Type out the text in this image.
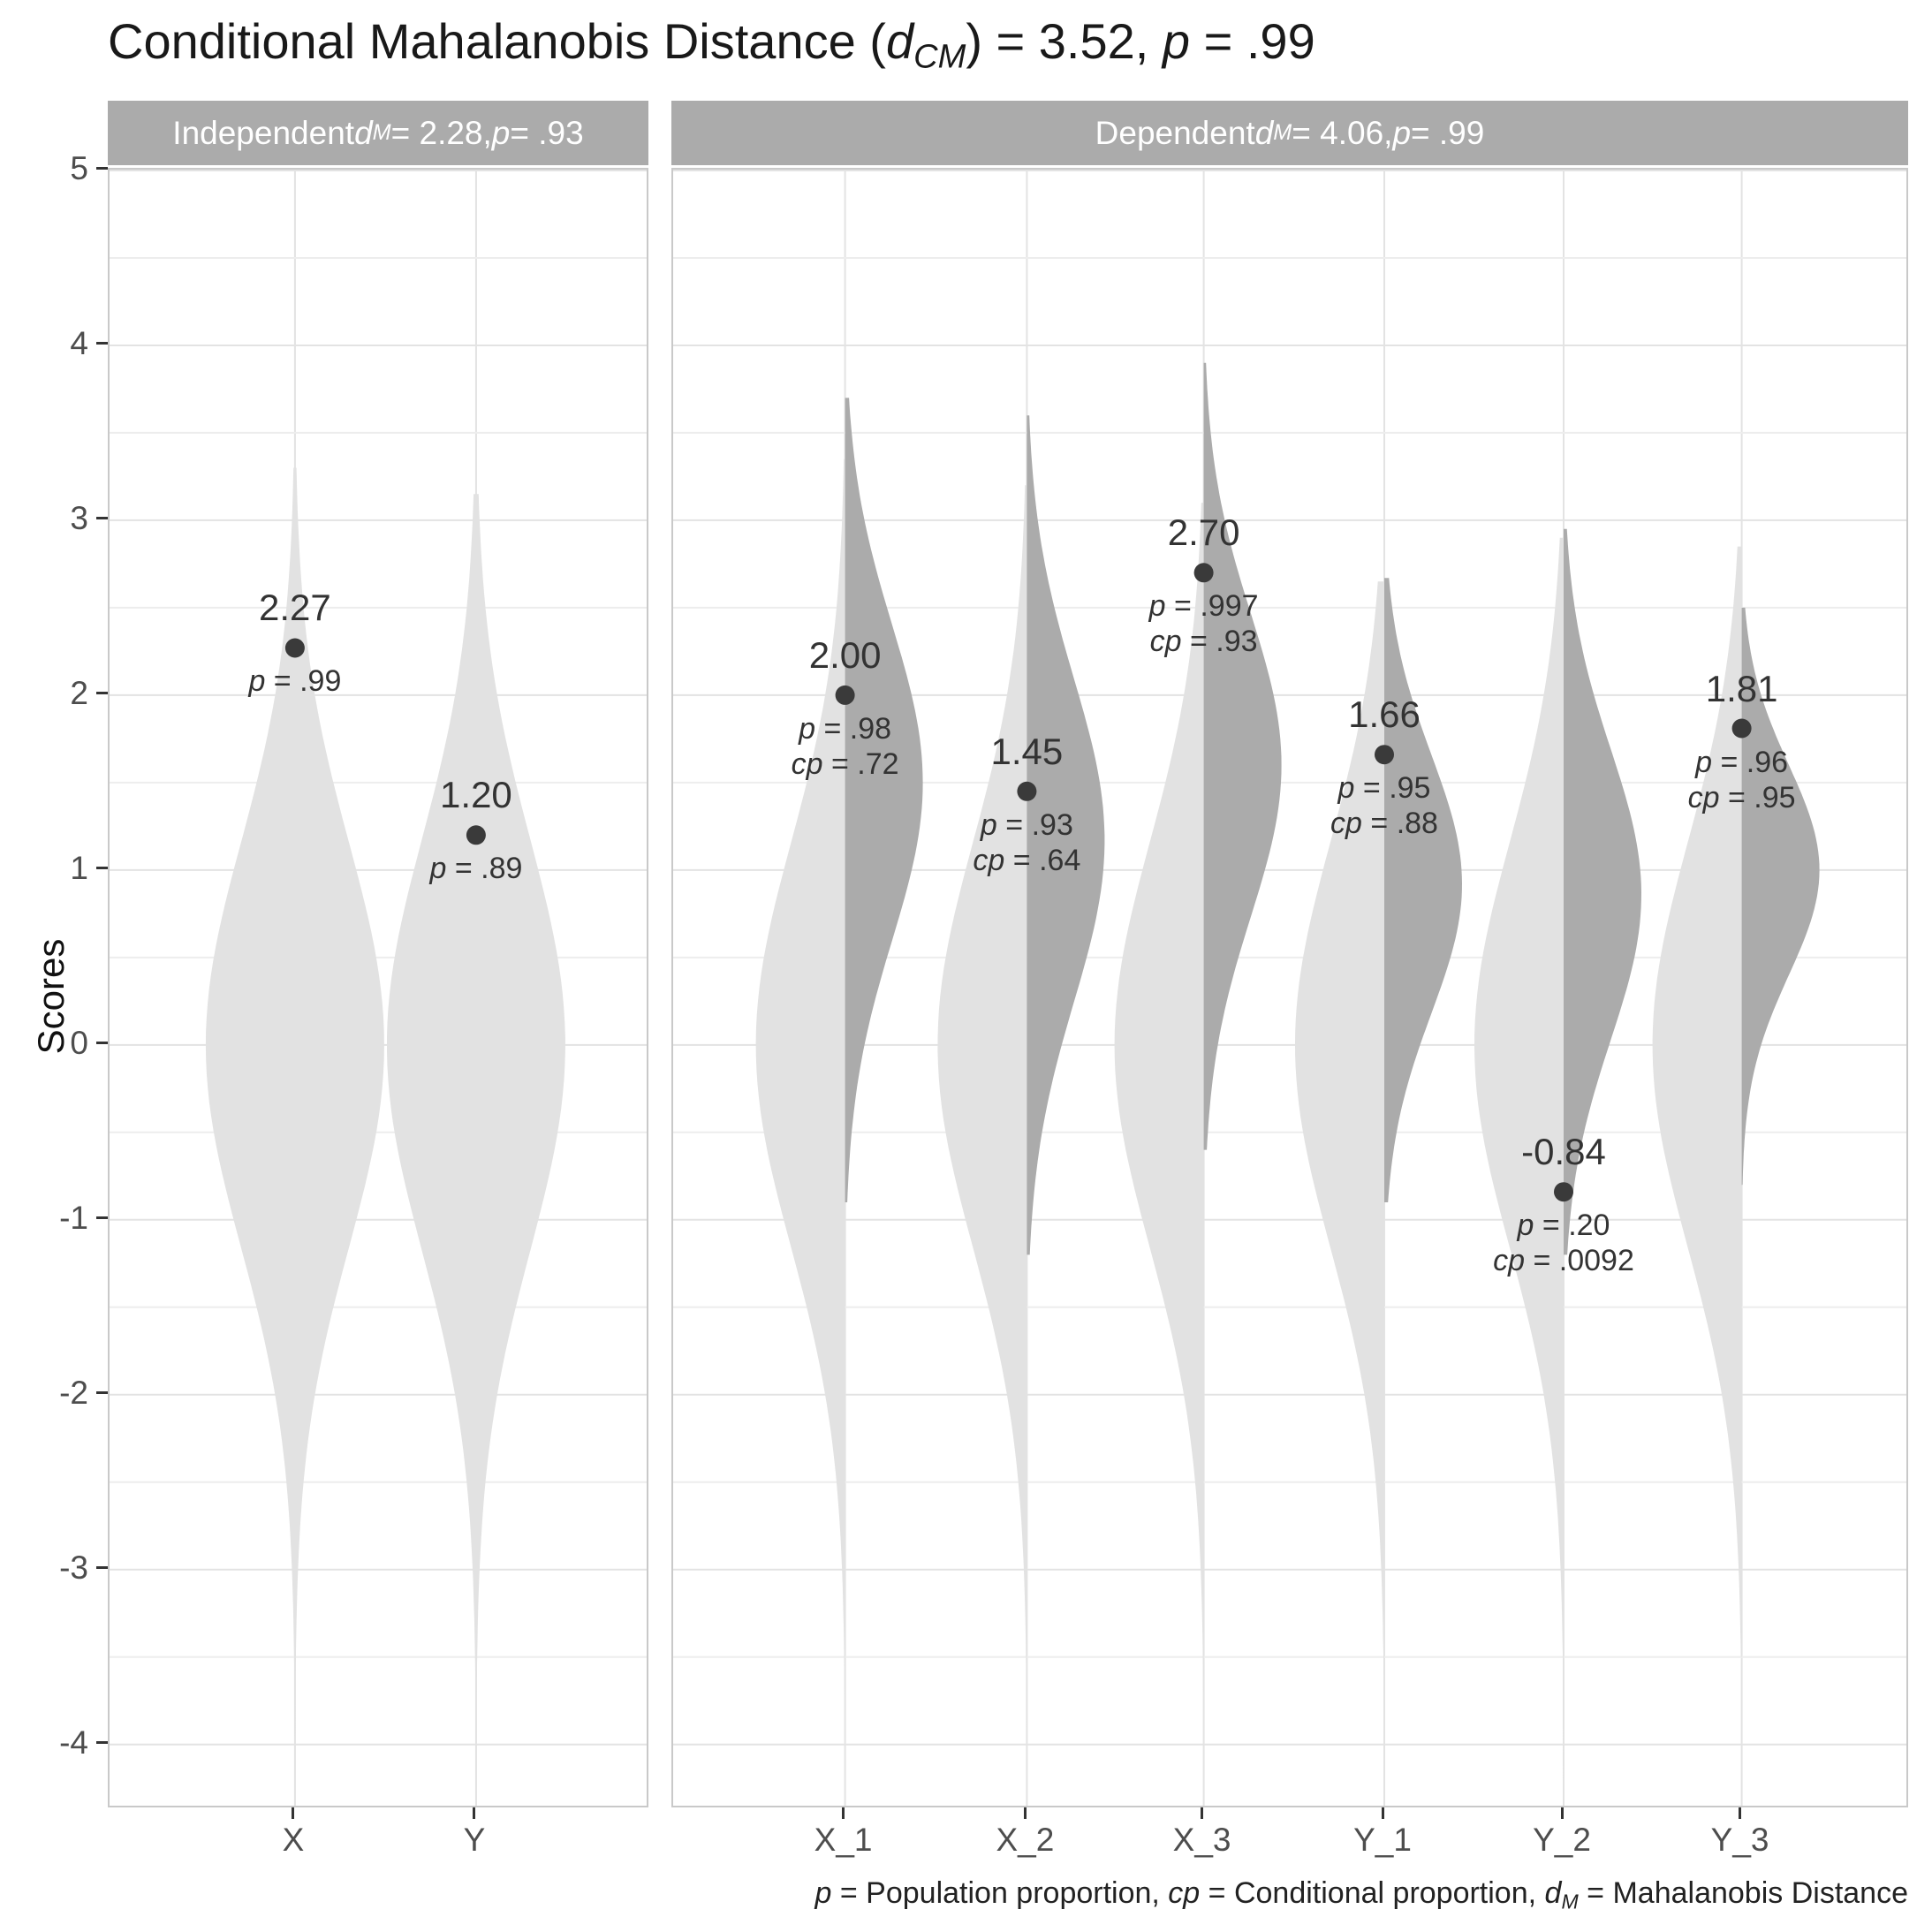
Conditional Mahalanobis Distance $(d_{CM}) = 3.52$, p = .99
Independent d M = 2.28, p = .93	Dependent d M = 4.06, p = .99
2.27
p = .99
1.20
p = .89
2.00
p = .98
cp = .72	1.45
p = .93
cp = .64
2.70
p = .997
cp = .93
1.66
p = .95
cp = .88
-0.84
p = .20
cp = .0092
1.81
p = .96
cp = .95
5
4
3
2
1
0
-1
-2
-3
-4
X	Y	X_1	X_2	X_3	Y_1	Y_2	Y_3
Scores
p = Population proportion, cp = Conditional proportion, $d_M$ = Mahalanobis Distance
